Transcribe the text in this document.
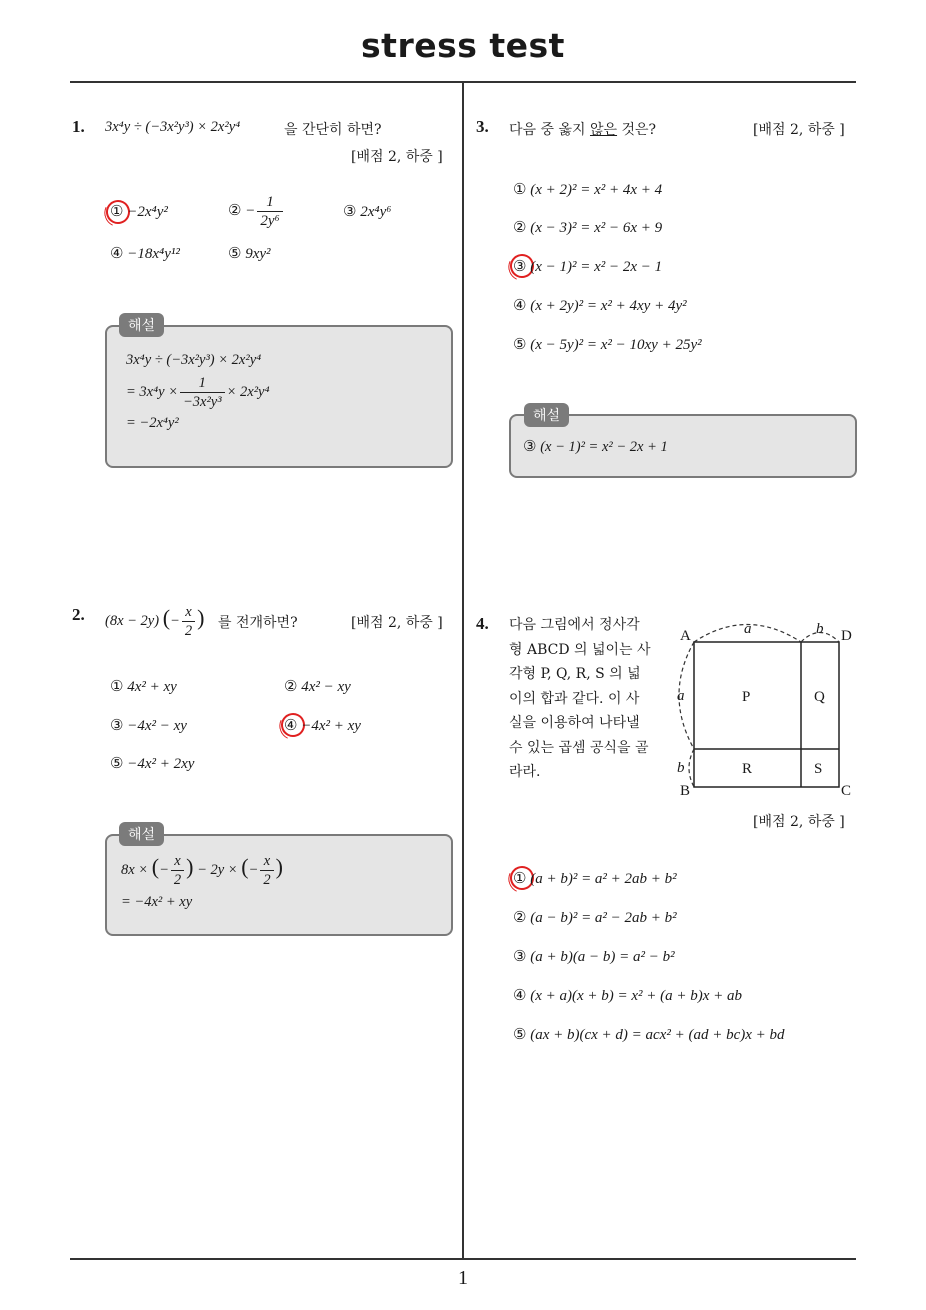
stress test
1
1. 3x⁴y ÷ (−3x²y³) × 2x²y⁴	을 간단히 하면?
[배점 2, 하중 ]
① −2x⁴y²	② − $\frac{1}{\text{2y⁶}}$	③ 2x⁴y⁶
④ −18x⁴y¹²	⑤ 9xy²
3x⁴y ÷ (−3x²y³) × 2x²y⁴
= $3x^4y \times \frac{1}{\text{−3x²y³}} \times 2x^2y^4$
= −2x⁴y²
해설
2. (8x − 2y) (− $\frac{x}{2}$ ) 를 전개하면?	[배점 2, 하중 ]
① 4x² + xy	② 4x² − xy
③ −4x² − xy	④ −4x² + xy
⑤ −4x² + 2xy
8x × (− $\frac{x}{2}$ ) − 2y × (− $\frac{x}{2}$ )
= −4x² + xy
해설
3. 다음 중 옳지 않은 것은?	[배점 2, 하중 ]
① (x + 2)² = x² + 4x + 4
② (x − 3)² = x² − 6x + 9
③ (x − 1)² = x² − 2x − 1
④ (x + 2y)² = x² + 4xy + 4y²
⑤ (x − 5y)² = x² − 10xy + 25y²
③ (x − 1)² = x² − 2x + 1
해설
4. 다음 그림에서 정사각
형 ABCD 의 넓이는 사
각형 P, Q, R, S 의 넓
이의 합과 같다. 이 사
실을 이용하여 나타낼
수 있는 곱셈 공식을 골
라라.
A	D
B	C
a	b
a
b
P	Q
R	S
[배점 2, 하중 ]
① (a + b)² = a² + 2ab + b²
② (a − b)² = a² − 2ab + b²
③ (a + b)(a − b) = a² − b²
④ (x + a)(x + b) = x² + (a + b)x + ab
⑤ (ax + b)(cx + d) = acx² + (ad + bc)x + bd
